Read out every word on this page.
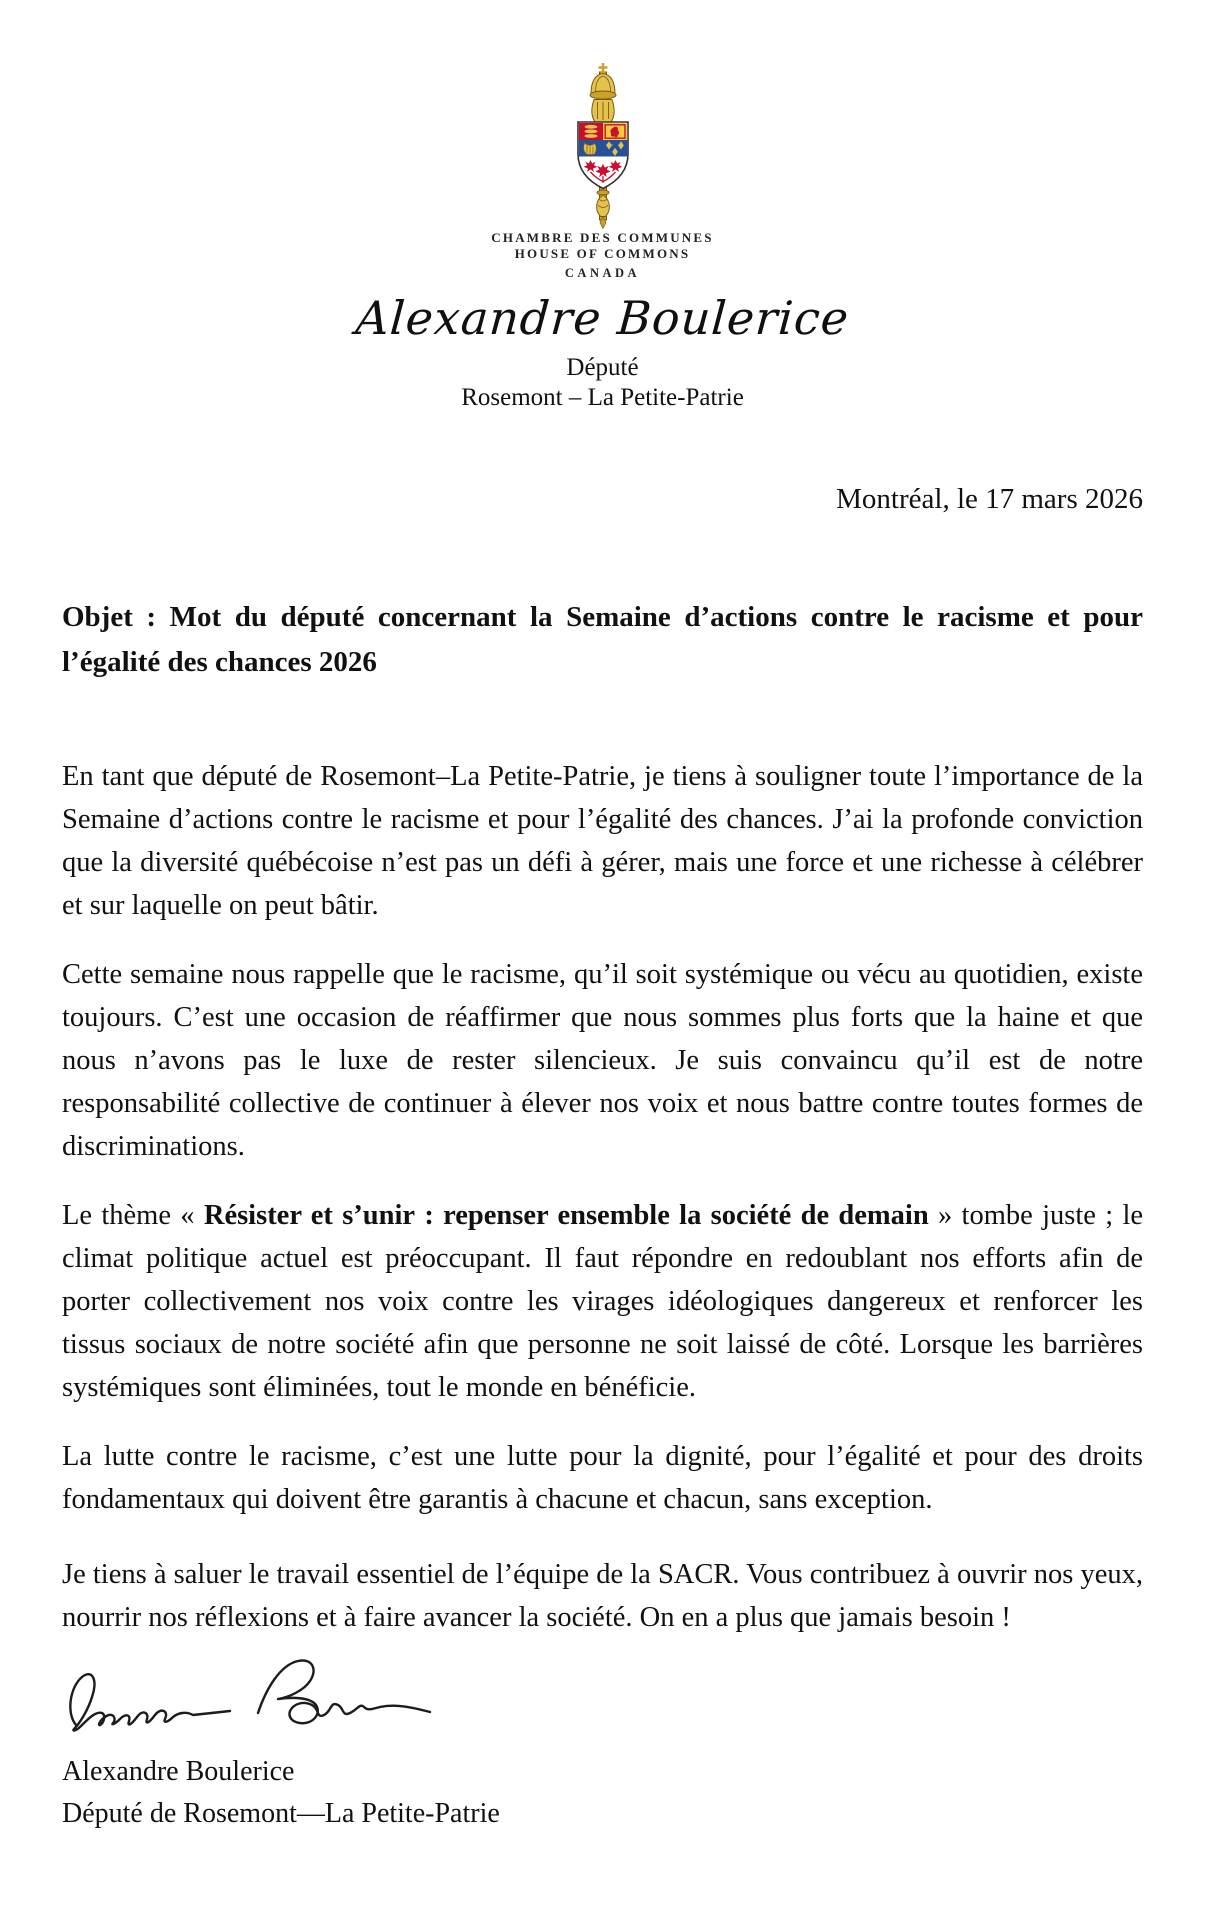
CHAMBRE DES COMMUNES
HOUSE OF COMMONS
CANADA
Alexandre Boulerice
Député
Rosemont – La Petite-Patrie
Montréal, le 17 mars 2026
Objet : Mot du député concernant la Semaine d’actions contre le racisme et pour l’égalité des chances 2026
En tant que député de Rosemont–La Petite-Patrie, je tiens à souligner toute l’importance de la Semaine d’actions contre le racisme et pour l’égalité des chances. J’ai la profonde conviction que la diversité québécoise n’est pas un défi à gérer, mais une force et une richesse à célébrer et sur laquelle on peut bâtir.
Cette semaine nous rappelle que le racisme, qu’il soit systémique ou vécu au quotidien, existe toujours. C’est une occasion de réaffirmer que nous sommes plus forts que la haine et que nous n’avons pas le luxe de rester silencieux. Je suis convaincu qu’il est de notre responsabilité collective de continuer à élever nos voix et nous battre contre toutes formes de discriminations.
Le thème « Résister et s’unir : repenser ensemble la société de demain » tombe juste ; le climat politique actuel est préoccupant. Il faut répondre en redoublant nos efforts afin de porter collectivement nos voix contre les virages idéologiques dangereux et renforcer les tissus sociaux de notre société afin que personne ne soit laissé de côté. Lorsque les barrières systémiques sont éliminées, tout le monde en bénéficie.
La lutte contre le racisme, c’est une lutte pour la dignité, pour l’égalité et pour des droits fondamentaux qui doivent être garantis à chacune et chacun, sans exception.
Je tiens à saluer le travail essentiel de l’équipe de la SACR. Vous contribuez à ouvrir nos yeux, nourrir nos réflexions et à faire avancer la société. On en a plus que jamais besoin !
Alexandre Boulerice
Député de Rosemont—La Petite-Patrie
